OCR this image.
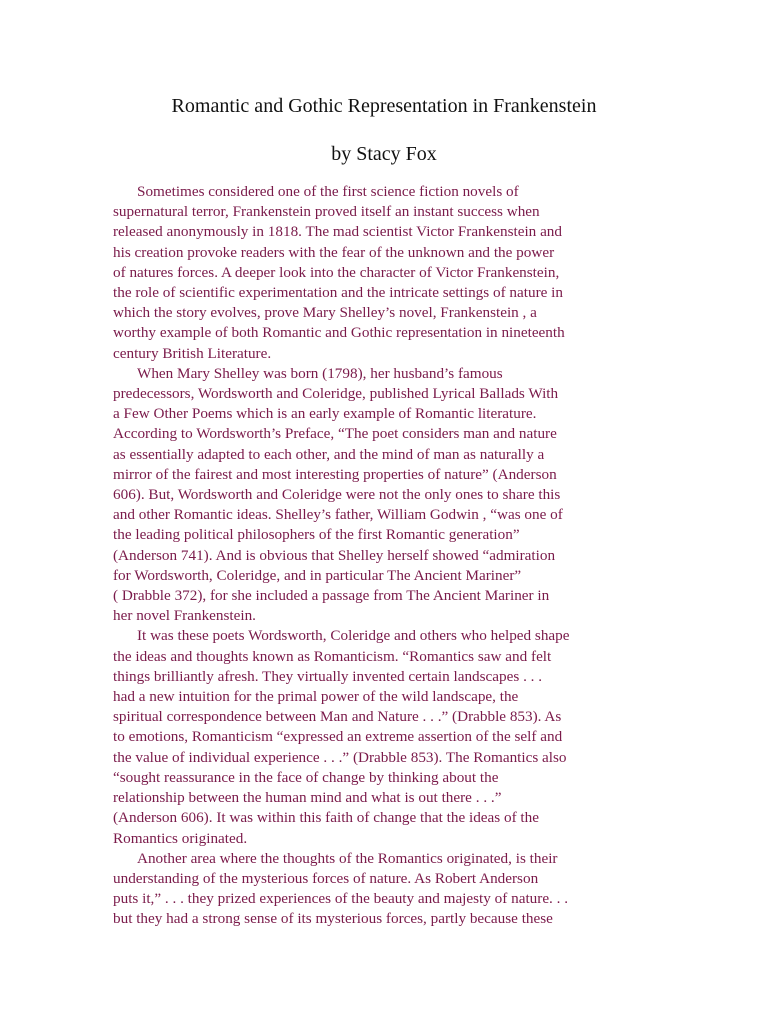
Romantic and Gothic Representation in Frankenstein
by Stacy Fox

Sometimes considered one of the first science fiction novels of
supernatural terror, Frankenstein proved itself an instant success when
released anonymously in 1818. The mad scientist Victor Frankenstein and
his creation provoke readers with the fear of the unknown and the power
of natures forces. A deeper look into the character of Victor Frankenstein,
the role of scientific experimentation and the intricate settings of nature in
which the story evolves, prove Mary Shelley’s novel, Frankenstein , a
worthy example of both Romantic and Gothic representation in nineteenth
century British Literature.

When Mary Shelley was born (1798), her husband’s famous
predecessors, Wordsworth and Coleridge, published Lyrical Ballads With
a Few Other Poems which is an early example of Romantic literature.
According to Wordsworth’s Preface, “The poet considers man and nature
as essentially adapted to each other, and the mind of man as naturally a
mirror of the fairest and most interesting properties of nature” (Anderson
606). But, Wordsworth and Coleridge were not the only ones to share this
and other Romantic ideas. Shelley’s father, William Godwin , “was one of
the leading political philosophers of the first Romantic generation”
(Anderson 741). And is obvious that Shelley herself showed “admiration
for Wordsworth, Coleridge, and in particular The Ancient Mariner”
( Drabble 372), for she included a passage from The Ancient Mariner in
her novel Frankenstein.

It was these poets Wordsworth, Coleridge and others who helped shape
the ideas and thoughts known as Romanticism. “Romantics saw and felt
things brilliantly afresh. They virtually invented certain landscapes . . .
had a new intuition for the primal power of the wild landscape, the
spiritual correspondence between Man and Nature . . .” (Drabble 853). As
to emotions, Romanticism “expressed an extreme assertion of the self and
the value of individual experience . . .” (Drabble 853). The Romantics also
“sought reassurance in the face of change by thinking about the
relationship between the human mind and what is out there . . .”
(Anderson 606). It was within this faith of change that the ideas of the
Romantics originated.

Another area where the thoughts of the Romantics originated, is their
understanding of the mysterious forces of nature. As Robert Anderson
puts it,” . . . they prized experiences of the beauty and majesty of nature. . .
but they had a strong sense of its mysterious forces, partly because these
